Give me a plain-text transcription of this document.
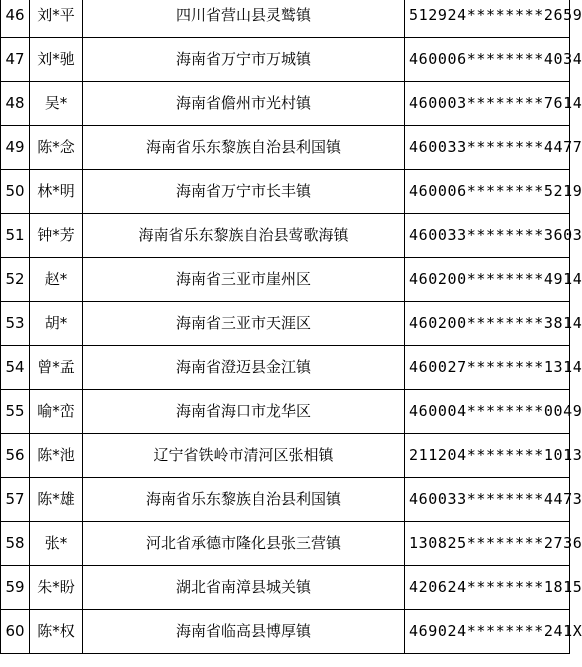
46	刘*平	四川省营山县灵鹫镇	512924********2659
47	刘*驰	海南省万宁市万城镇	460006********4034
48	吴*	海南省儋州市光村镇	460003********7614
49	陈*念	海南省乐东黎族自治县利国镇	460033********4477
50	林*明	海南省万宁市长丰镇	460006********5219
51	钟*芳	海南省乐东黎族自治县莺歌海镇	460033********3603
52	赵*	海南省三亚市崖州区	460200********4914
53	胡*	海南省三亚市天涯区	460200********3814
54	曾*孟	海南省澄迈县金江镇	460027********1314
55	喻*峦	海南省海口市龙华区	460004********0049
56	陈*池	辽宁省铁岭市清河区张相镇	211204********1013
57	陈*雄	海南省乐东黎族自治县利国镇	460033********4473
58	张*	河北省承德市隆化县张三营镇	130825********2736
59	朱*盼	湖北省南漳县城关镇	420624********1815
60	陈*权	海南省临高县博厚镇	469024********241X
